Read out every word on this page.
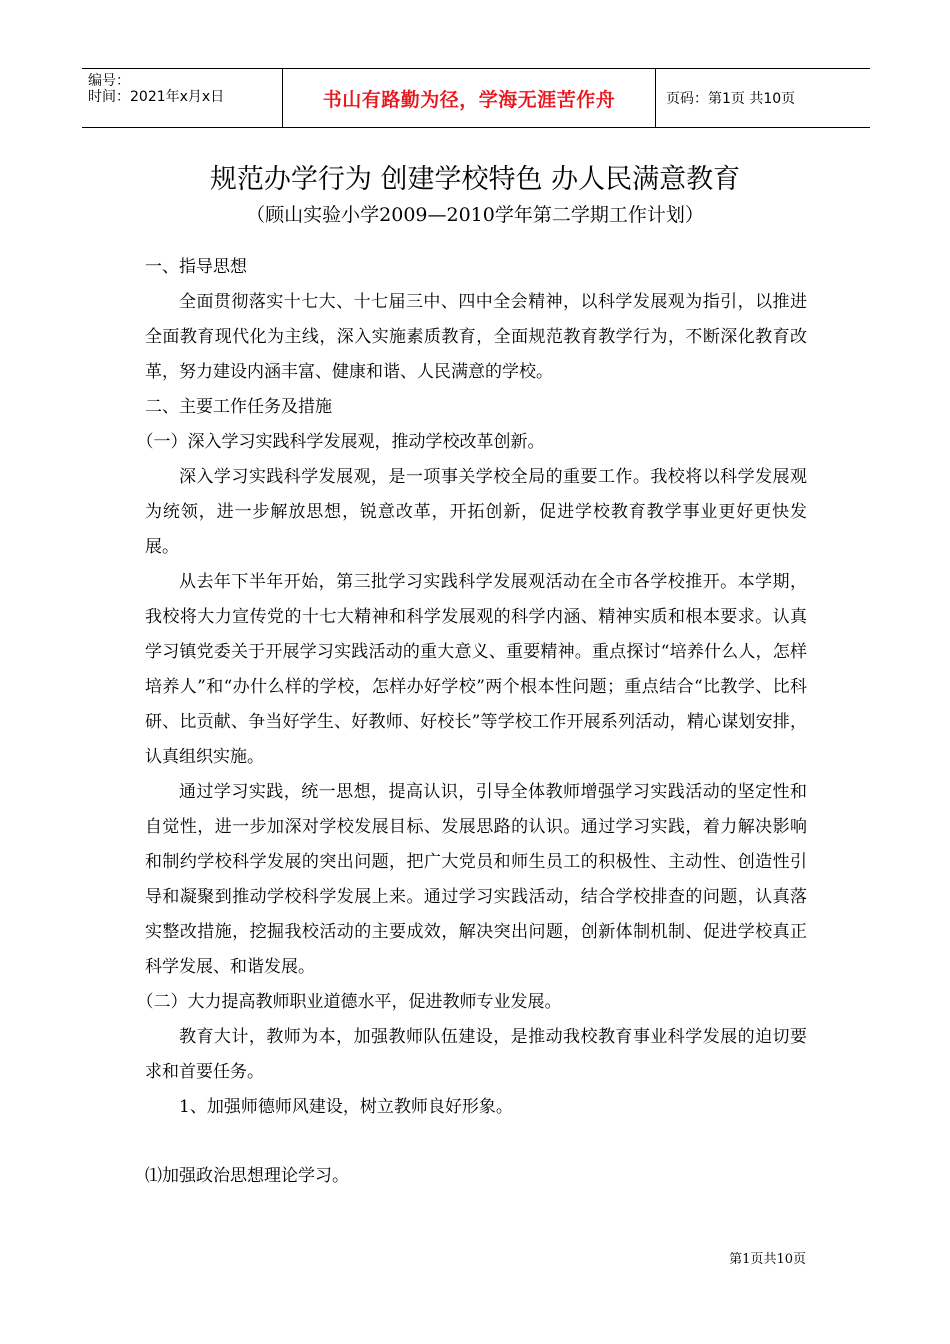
编号：
时间：2021年x月x日	书山有路勤为径，学海无涯苦作舟	页码：第1页 共10页
规范办学行为 创建学校特色 办人民满意教育
（顾山实验小学2009—2010学年第二学期工作计划）

一、指导思想

全面贯彻落实十七大、十七届三中、四中全会精神，以科学发展观为指引，以推进全面教育现代化为主线，深入实施素质教育，全面规范教育教学行为，不断深化教育改革，努力建设内涵丰富、健康和谐、人民满意的学校。

二、主要工作任务及措施

（一）深入学习实践科学发展观，推动学校改革创新。

深入学习实践科学发展观，是一项事关学校全局的重要工作。我校将以科学发展观为统领，进一步解放思想，锐意改革，开拓创新，促进学校教育教学事业更好更快发展。

从去年下半年开始，第三批学习实践科学发展观活动在全市各学校推开。本学期，我校将大力宣传党的十七大精神和科学发展观的科学内涵、精神实质和根本要求。认真学习镇党委关于开展学习实践活动的重大意义、重要精神。重点探讨“培养什么人，怎样培养人”和“办什么样的学校，怎样办好学校”两个根本性问题；重点结合“比教学、比科研、比贡献、争当好学生、好教师、好校长”等学校工作开展系列活动，精心谋划安排，认真组织实施。

通过学习实践，统一思想，提高认识，引导全体教师增强学习实践活动的坚定性和自觉性，进一步加深对学校发展目标、发展思路的认识。通过学习实践，着力解决影响和制约学校科学发展的突出问题，把广大党员和师生员工的积极性、主动性、创造性引导和凝聚到推动学校科学发展上来。通过学习实践活动，结合学校排查的问题，认真落实整改措施，挖掘我校活动的主要成效，解决突出问题，创新体制机制、促进学校真正科学发展、和谐发展。

（二）大力提高教师职业道德水平，促进教师专业发展。

教育大计，教师为本，加强教师队伍建设，是推动我校教育事业科学发展的迫切要求和首要任务。

1、加强师德师风建设，树立教师良好形象。

⑴加强政治思想理论学习。

第1页共10页
